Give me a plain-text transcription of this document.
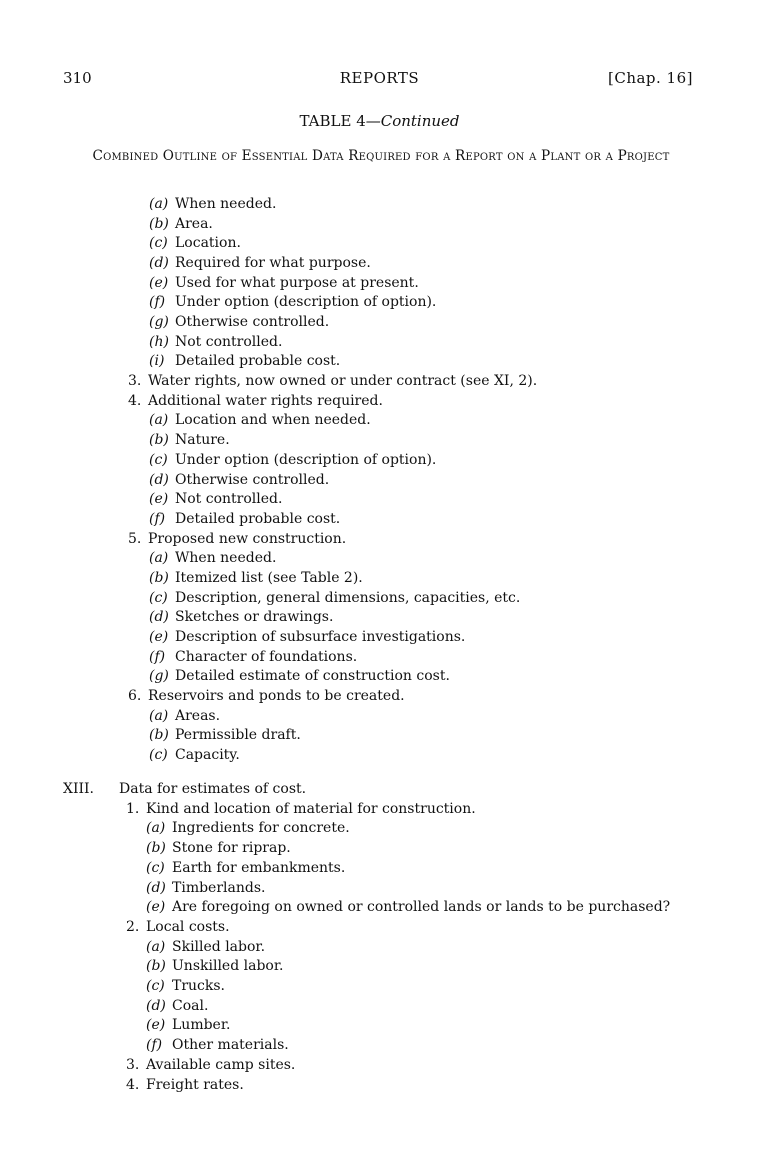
310	REPORTS	[Chap. 16]
TABLE 4—Continued
Combined Outline of Essential Data Required for a Report on a Plant or a Project
(a) When needed.
(b) Area.
(c) Location.
(d) Required for what purpose.
(e) Used for what purpose at present.
(f) Under option (description of option).
(g) Otherwise controlled.
(h) Not controlled.
(i) Detailed probable cost.
3. Water rights, now owned or under contract (see XI, 2).
4. Additional water rights required.
(a) Location and when needed.
(b) Nature.
(c) Under option (description of option).
(d) Otherwise controlled.
(e) Not controlled.
(f) Detailed probable cost.
5. Proposed new construction.
(a) When needed.
(b) Itemized list (see Table 2).
(c) Description, general dimensions, capacities, etc.
(d) Sketches or drawings.
(e) Description of subsurface investigations.
(f) Character of foundations.
(g) Detailed estimate of construction cost.
6. Reservoirs and ponds to be created.
(a) Areas.
(b) Permissible draft.
(c) Capacity.
XIII. Data for estimates of cost.
1. Kind and location of material for construction.
(a) Ingredients for concrete.
(b) Stone for riprap.
(c) Earth for embankments.
(d) Timberlands.
(e) Are foregoing on owned or controlled lands or lands to be purchased?
2. Local costs.
(a) Skilled labor.
(b) Unskilled labor.
(c) Trucks.
(d) Coal.
(e) Lumber.
(f) Other materials.
3. Available camp sites.
4. Freight rates.
